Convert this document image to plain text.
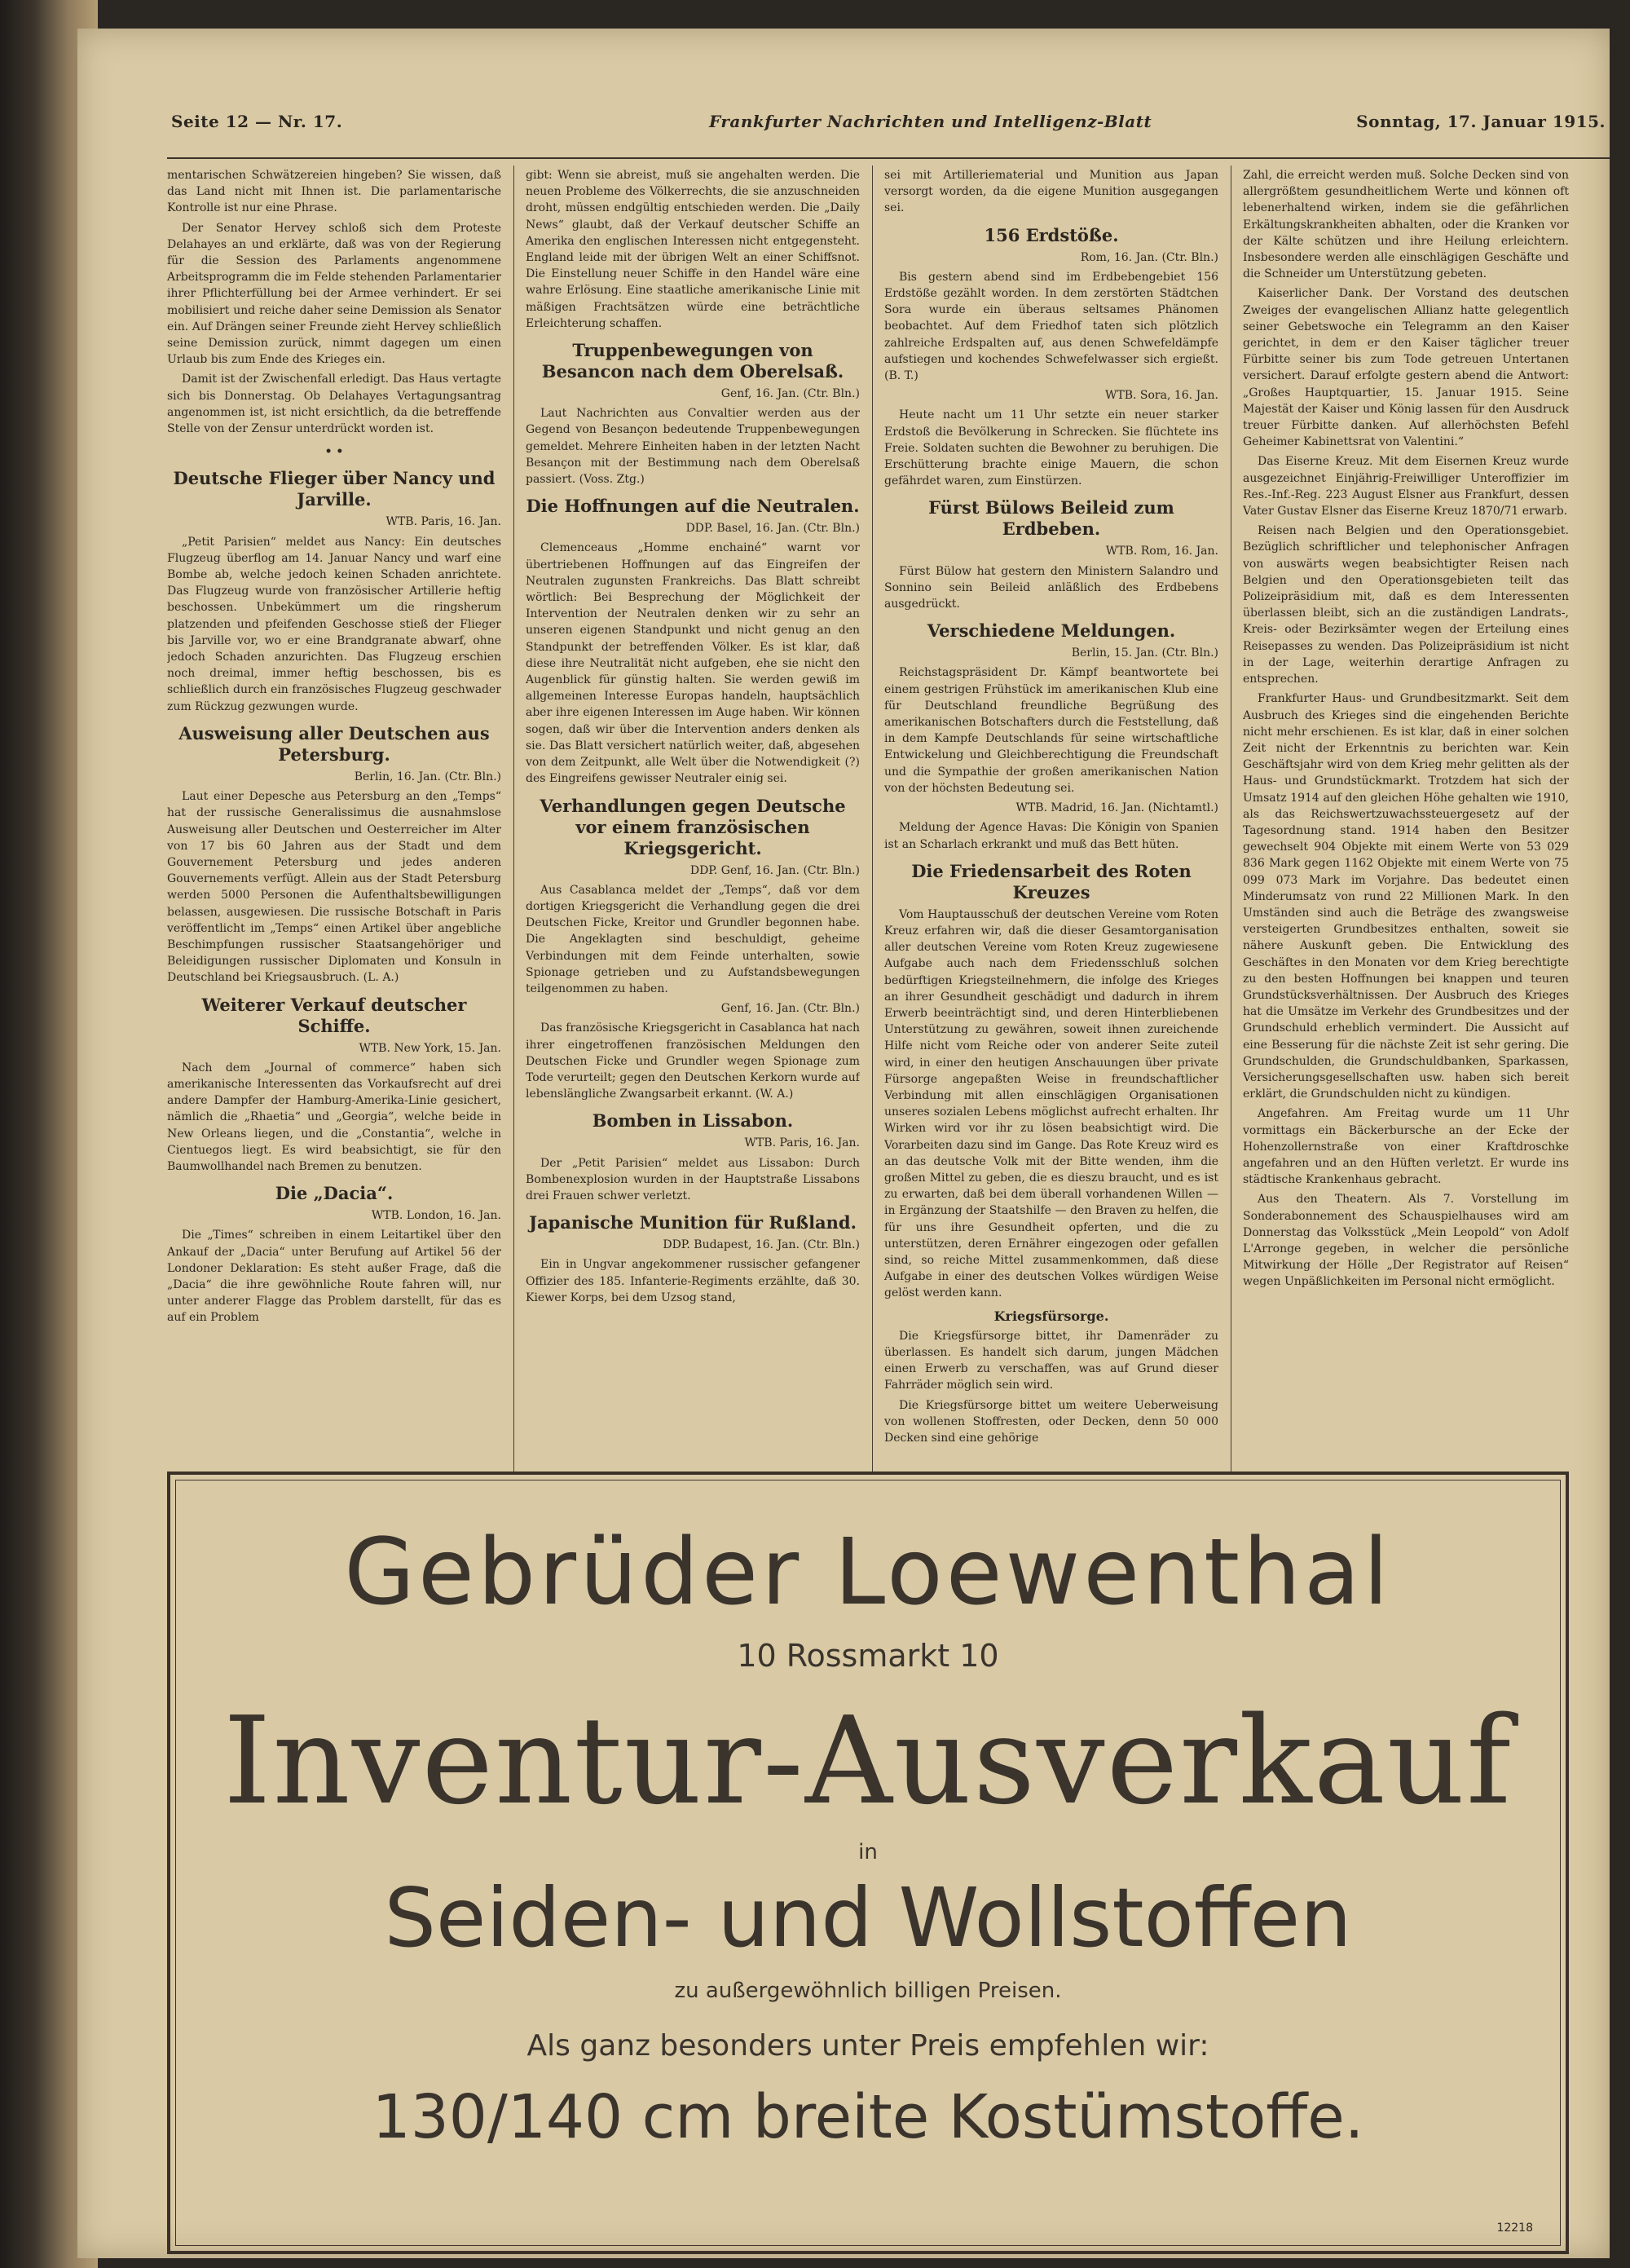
Seite 12 — Nr. 17.	Frankfurter Nachrichten und Intelligenz-Blatt	Sonntag, 17. Januar 1915.

mentarischen Schwätzereien hingeben? Sie wissen, daß das Land nicht mit Ihnen ist. Die parlamentarische Kontrolle ist nur eine Phrase.

Der Senator Hervey schloß sich dem Proteste Delahayes an und erklärte, daß was von der Regierung für die Session des Parlaments angenommene Arbeitsprogramm die im Felde stehenden Parlamentarier ihrer Pflichterfüllung bei der Armee verhindert. Er sei mobilisiert und reiche daher seine Demission als Senator ein. Auf Drängen seiner Freunde zieht Hervey schließlich seine Demission zurück, nimmt dagegen um einen Urlaub bis zum Ende des Krieges ein.

Damit ist der Zwischenfall erledigt. Das Haus vertagte sich bis Donnerstag. Ob Delahayes Vertagungsantrag angenommen ist, ist nicht ersichtlich, da die betreffende Stelle von der Zensur unterdrückt worden ist.

• •
Deutsche Flieger über Nancy und Jarville.
WTB. Paris, 16. Jan.

„Petit Parisien“ meldet aus Nancy: Ein deutsches Flugzeug überflog am 14. Januar Nancy und warf eine Bombe ab, welche jedoch keinen Schaden anrichtete. Das Flugzeug wurde von französischer Artillerie heftig beschossen. Unbekümmert um die ringsherum platzenden und pfeifenden Geschosse stieß der Flieger bis Jarville vor, wo er eine Brandgranate abwarf, ohne jedoch Schaden anzurichten. Das Flugzeug erschien noch dreimal, immer heftig beschossen, bis es schließlich durch ein französisches Flugzeug geschwader zum Rückzug gezwungen wurde.

Ausweisung aller Deutschen aus Petersburg.
Berlin, 16. Jan. (Ctr. Bln.)

Laut einer Depesche aus Petersburg an den „Temps“ hat der russische Generalissimus die ausnahmslose Ausweisung aller Deutschen und Oesterreicher im Alter von 17 bis 60 Jahren aus der Stadt und dem Gouvernement Petersburg und jedes anderen Gouvernements verfügt. Allein aus der Stadt Petersburg werden 5000 Personen die Aufenthaltsbewilligungen belassen, ausgewiesen. Die russische Botschaft in Paris veröffentlicht im „Temps“ einen Artikel über angebliche Beschimpfungen russischer Staatsangehöriger und Beleidigungen russischer Diplomaten und Konsuln in Deutschland bei Kriegsausbruch. (L. A.)

Weiterer Verkauf deutscher Schiffe.
WTB. New York, 15. Jan.

Nach dem „Journal of commerce“ haben sich amerikanische Interessenten das Vorkaufsrecht auf drei andere Dampfer der Hamburg-Amerika-Linie gesichert, nämlich die „Rhaetia“ und „Georgia“, welche beide in New Orleans liegen, und die „Constantia“, welche in Cientuegos liegt. Es wird beabsichtigt, sie für den Baumwollhandel nach Bremen zu benutzen.

Die „Dacia“.
WTB. London, 16. Jan.

Die „Times“ schreiben in einem Leitartikel über den Ankauf der „Dacia“ unter Berufung auf Artikel 56 der Londoner Deklaration: Es steht außer Frage, daß die „Dacia“ die ihre gewöhnliche Route fahren will, nur unter anderer Flagge das Problem darstellt, für das es auf ein Problem

gibt: Wenn sie abreist, muß sie angehalten werden. Die neuen Probleme des Völkerrechts, die sie anzuschneiden droht, müssen endgültig entschieden werden. Die „Daily News“ glaubt, daß der Verkauf deutscher Schiffe an Amerika den englischen Interessen nicht entgegensteht. England leide mit der übrigen Welt an einer Schiffsnot. Die Einstellung neuer Schiffe in den Handel wäre eine wahre Erlösung. Eine staatliche amerikanische Linie mit mäßigen Frachtsätzen würde eine beträchtliche Erleichterung schaffen.

Truppenbewegungen von Besancon nach dem Oberelsaß.
Genf, 16. Jan. (Ctr. Bln.)

Laut Nachrichten aus Convaltier werden aus der Gegend von Besançon bedeutende Truppenbewegungen gemeldet. Mehrere Einheiten haben in der letzten Nacht Besançon mit der Bestimmung nach dem Oberelsaß passiert. (Voss. Ztg.)

Die Hoffnungen auf die Neutralen.
DDP. Basel, 16. Jan. (Ctr. Bln.)

Clemenceaus „Homme enchainé“ warnt vor übertriebenen Hoffnungen auf das Eingreifen der Neutralen zugunsten Frankreichs. Das Blatt schreibt wörtlich: Bei Besprechung der Möglichkeit der Intervention der Neutralen denken wir zu sehr an unseren eigenen Standpunkt und nicht genug an den Standpunkt der betreffenden Völker. Es ist klar, daß diese ihre Neutralität nicht aufgeben, ehe sie nicht den Augenblick für günstig halten. Sie werden gewiß im allgemeinen Interesse Europas handeln, hauptsächlich aber ihre eigenen Interessen im Auge haben. Wir können sogen, daß wir über die Intervention anders denken als sie. Das Blatt versichert natürlich weiter, daß, abgesehen von dem Zeitpunkt, alle Welt über die Notwendigkeit (?) des Eingreifens gewisser Neutraler einig sei.

Verhandlungen gegen Deutsche vor einem französischen Kriegsgericht.
DDP. Genf, 16. Jan. (Ctr. Bln.)

Aus Casablanca meldet der „Temps“, daß vor dem dortigen Kriegsgericht die Verhandlung gegen die drei Deutschen Ficke, Kreitor und Grundler begonnen habe. Die Angeklagten sind beschuldigt, geheime Verbindungen mit dem Feinde unterhalten, sowie Spionage getrieben und zu Aufstandsbewegungen teilgenommen zu haben.

Genf, 16. Jan. (Ctr. Bln.)

Das französische Kriegsgericht in Casablanca hat nach ihrer eingetroffenen französischen Meldungen den Deutschen Ficke und Grundler wegen Spionage zum Tode verurteilt; gegen den Deutschen Kerkorn wurde auf lebenslängliche Zwangsarbeit erkannt. (W. A.)

Bomben in Lissabon.
WTB. Paris, 16. Jan.

Der „Petit Parisien“ meldet aus Lissabon: Durch Bombenexplosion wurden in der Hauptstraße Lissabons drei Frauen schwer verletzt.

Japanische Munition für Rußland.
DDP. Budapest, 16. Jan. (Ctr. Bln.)

Ein in Ungvar angekommener russischer gefangener Offizier des 185. Infanterie-Regiments erzählte, daß 30. Kiewer Korps, bei dem Uzsog stand,

sei mit Artilleriematerial und Munition aus Japan versorgt worden, da die eigene Munition ausgegangen sei.

156 Erdstöße.
Rom, 16. Jan. (Ctr. Bln.)

Bis gestern abend sind im Erdbebengebiet 156 Erdstöße gezählt worden. In dem zerstörten Städtchen Sora wurde ein überaus seltsames Phänomen beobachtet. Auf dem Friedhof taten sich plötzlich zahlreiche Erdspalten auf, aus denen Schwefeldämpfe aufstiegen und kochendes Schwefelwasser sich ergießt. (B. T.)

WTB. Sora, 16. Jan.

Heute nacht um 11 Uhr setzte ein neuer starker Erdstoß die Bevölkerung in Schrecken. Sie flüchtete ins Freie. Soldaten suchten die Bewohner zu beruhigen. Die Erschütterung brachte einige Mauern, die schon gefährdet waren, zum Einstürzen.

Fürst Bülows Beileid zum Erdbeben.
WTB. Rom, 16. Jan.

Fürst Bülow hat gestern den Ministern Salandro und Sonnino sein Beileid anläßlich des Erdbebens ausgedrückt.

Verschiedene Meldungen.
Berlin, 15. Jan. (Ctr. Bln.)

Reichstagspräsident Dr. Kämpf beantwortete bei einem gestrigen Frühstück im amerikanischen Klub eine für Deutschland freundliche Begrüßung des amerikanischen Botschafters durch die Feststellung, daß in dem Kampfe Deutschlands für seine wirtschaftliche Entwickelung und Gleichberechtigung die Freundschaft und die Sympathie der großen amerikanischen Nation von der höchsten Bedeutung sei.

WTB. Madrid, 16. Jan. (Nichtamtl.)

Meldung der Agence Havas: Die Königin von Spanien ist an Scharlach erkrankt und muß das Bett hüten.

Die Friedensarbeit des Roten Kreuzes

Vom Hauptausschuß der deutschen Vereine vom Roten Kreuz erfahren wir, daß die dieser Gesamtorganisation aller deutschen Vereine vom Roten Kreuz zugewiesene Aufgabe auch nach dem Friedensschluß solchen bedürftigen Kriegsteilnehmern, die infolge des Krieges an ihrer Gesundheit geschädigt und dadurch in ihrem Erwerb beeinträchtigt sind, und deren Hinterbliebenen Unterstützung zu gewähren, soweit ihnen zureichende Hilfe nicht vom Reiche oder von anderer Seite zuteil wird, in einer den heutigen Anschauungen über private Fürsorge angepaßten Weise in freundschaftlicher Verbindung mit allen einschlägigen Organisationen unseres sozialen Lebens möglichst aufrecht erhalten. Ihr Wirken wird vor ihr zu lösen beabsichtigt wird. Die Vorarbeiten dazu sind im Gange. Das Rote Kreuz wird es an das deutsche Volk mit der Bitte wenden, ihm die großen Mittel zu geben, die es dieszu braucht, und es ist zu erwarten, daß bei dem überall vorhandenen Willen — in Ergänzung der Staatshilfe — den Braven zu helfen, die für uns ihre Gesundheit opferten, und die zu unterstützen, deren Ernährer eingezogen oder gefallen sind, so reiche Mittel zusammenkommen, daß diese Aufgabe in einer des deutschen Volkes würdigen Weise gelöst werden kann.

Kriegsfürsorge.

Die Kriegsfürsorge bittet, ihr Damenräder zu überlassen. Es handelt sich darum, jungen Mädchen einen Erwerb zu verschaffen, was auf Grund dieser Fahrräder möglich sein wird.

Die Kriegsfürsorge bittet um weitere Ueberweisung von wollenen Stoffresten, oder Decken, denn 50 000 Decken sind eine gehörige

Zahl, die erreicht werden muß. Solche Decken sind von allergrößtem gesundheitlichem Werte und können oft lebenerhaltend wirken, indem sie die gefährlichen Erkältungskrankheiten abhalten, oder die Kranken vor der Kälte schützen und ihre Heilung erleichtern. Insbesondere werden alle einschlägigen Geschäfte und die Schneider um Unterstützung gebeten.

Kaiserlicher Dank. Der Vorstand des deutschen Zweiges der evangelischen Allianz hatte gelegentlich seiner Gebetswoche ein Telegramm an den Kaiser gerichtet, in dem er den Kaiser täglicher treuer Fürbitte seiner bis zum Tode getreuen Untertanen versichert. Darauf erfolgte gestern abend die Antwort: „Großes Hauptquartier, 15. Januar 1915. Seine Majestät der Kaiser und König lassen für den Ausdruck treuer Fürbitte danken. Auf allerhöchsten Befehl Geheimer Kabinettsrat von Valentini.“

Das Eiserne Kreuz. Mit dem Eisernen Kreuz wurde ausgezeichnet Einjährig-Freiwilliger Unteroffizier im Res.-Inf.-Reg. 223 August Elsner aus Frankfurt, dessen Vater Gustav Elsner das Eiserne Kreuz 1870/71 erwarb.

Reisen nach Belgien und den Operationsgebiet. Bezüglich schriftlicher und telephonischer Anfragen von auswärts wegen beabsichtigter Reisen nach Belgien und den Operationsgebieten teilt das Polizeipräsidium mit, daß es dem Interessenten überlassen bleibt, sich an die zuständigen Landrats-, Kreis- oder Bezirksämter wegen der Erteilung eines Reisepasses zu wenden. Das Polizeipräsidium ist nicht in der Lage, weiterhin derartige Anfragen zu entsprechen.

Frankfurter Haus- und Grundbesitzmarkt. Seit dem Ausbruch des Krieges sind die eingehenden Berichte nicht mehr erschienen. Es ist klar, daß in einer solchen Zeit nicht der Erkenntnis zu berichten war. Kein Geschäftsjahr wird von dem Krieg mehr gelitten als der Haus- und Grundstückmarkt. Trotzdem hat sich der Umsatz 1914 auf den gleichen Höhe gehalten wie 1910, als das Reichswertzuwachssteuergesetz auf der Tagesordnung stand. 1914 haben den Besitzer gewechselt 904 Objekte mit einem Werte von 53 029 836 Mark gegen 1162 Objekte mit einem Werte von 75 099 073 Mark im Vorjahre. Das bedeutet einen Minderumsatz von rund 22 Millionen Mark. In den Umständen sind auch die Beträge des zwangsweise versteigerten Grundbesitzes enthalten, soweit sie nähere Auskunft geben. Die Entwicklung des Geschäftes in den Monaten vor dem Krieg berechtigte zu den besten Hoffnungen bei knappen und teuren Grundstücksverhältnissen. Der Ausbruch des Krieges hat die Umsätze im Verkehr des Grundbesitzes und der Grundschuld erheblich vermindert. Die Aussicht auf eine Besserung für die nächste Zeit ist sehr gering. Die Grundschulden, die Grundschuldbanken, Sparkassen, Versicherungsgesellschaften usw. haben sich bereit erklärt, die Grundschulden nicht zu kündigen.

Angefahren. Am Freitag wurde um 11 Uhr vormittags ein Bäckerbursche an der Ecke der Hohenzollernstraße von einer Kraftdroschke angefahren und an den Hüften verletzt. Er wurde ins städtische Krankenhaus gebracht.

Aus den Theatern. Als 7. Vorstellung im Sonderabonnement des Schauspielhauses wird am Donnerstag das Volksstück „Mein Leopold“ von Adolf L'Arronge gegeben, in welcher die persönliche Mitwirkung der Hölle „Der Registrator auf Reisen“ wegen Unpäßlichkeiten im Personal nicht ermöglicht.

Gebrüder Loewenthal
10 Rossmarkt 10
Inventur-Ausverkauf
in
Seiden- und Wollstoffen
zu außergewöhnlich billigen Preisen.
Als ganz besonders unter Preis empfehlen wir:
130/140 cm breite Kostümstoffe.
12218
